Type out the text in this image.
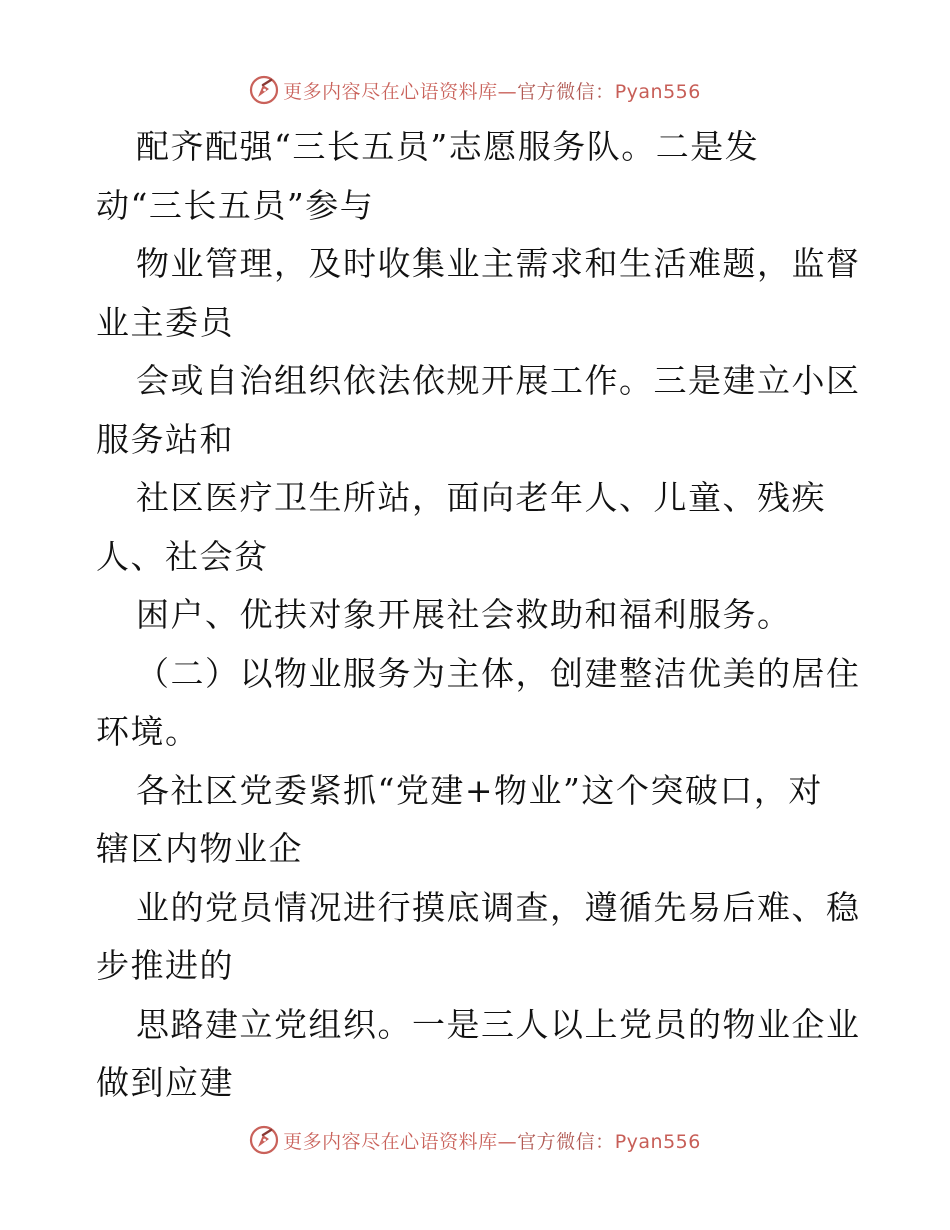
更多内容尽在心语资料库—官方微信：Pyan556
配齐配强“三长五员”志愿服务队。二是发
动“三长五员”参与
物业管理，及时收集业主需求和生活难题，监督
业主委员
会或自治组织依法依规开展工作。三是建立小区
服务站和
社区医疗卫生所站，面向老年人、儿童、残疾
人、社会贫
困户、优扶对象开展社会救助和福利服务。
（二）以物业服务为主体，创建整洁优美的居住
环境。
各社区党委紧抓“党建+物业”这个突破口，对
辖区内物业企
业的党员情况进行摸底调查，遵循先易后难、稳
步推进的
思路建立党组织。一是三人以上党员的物业企业
做到应建
更多内容尽在心语资料库—官方微信：Pyan556
